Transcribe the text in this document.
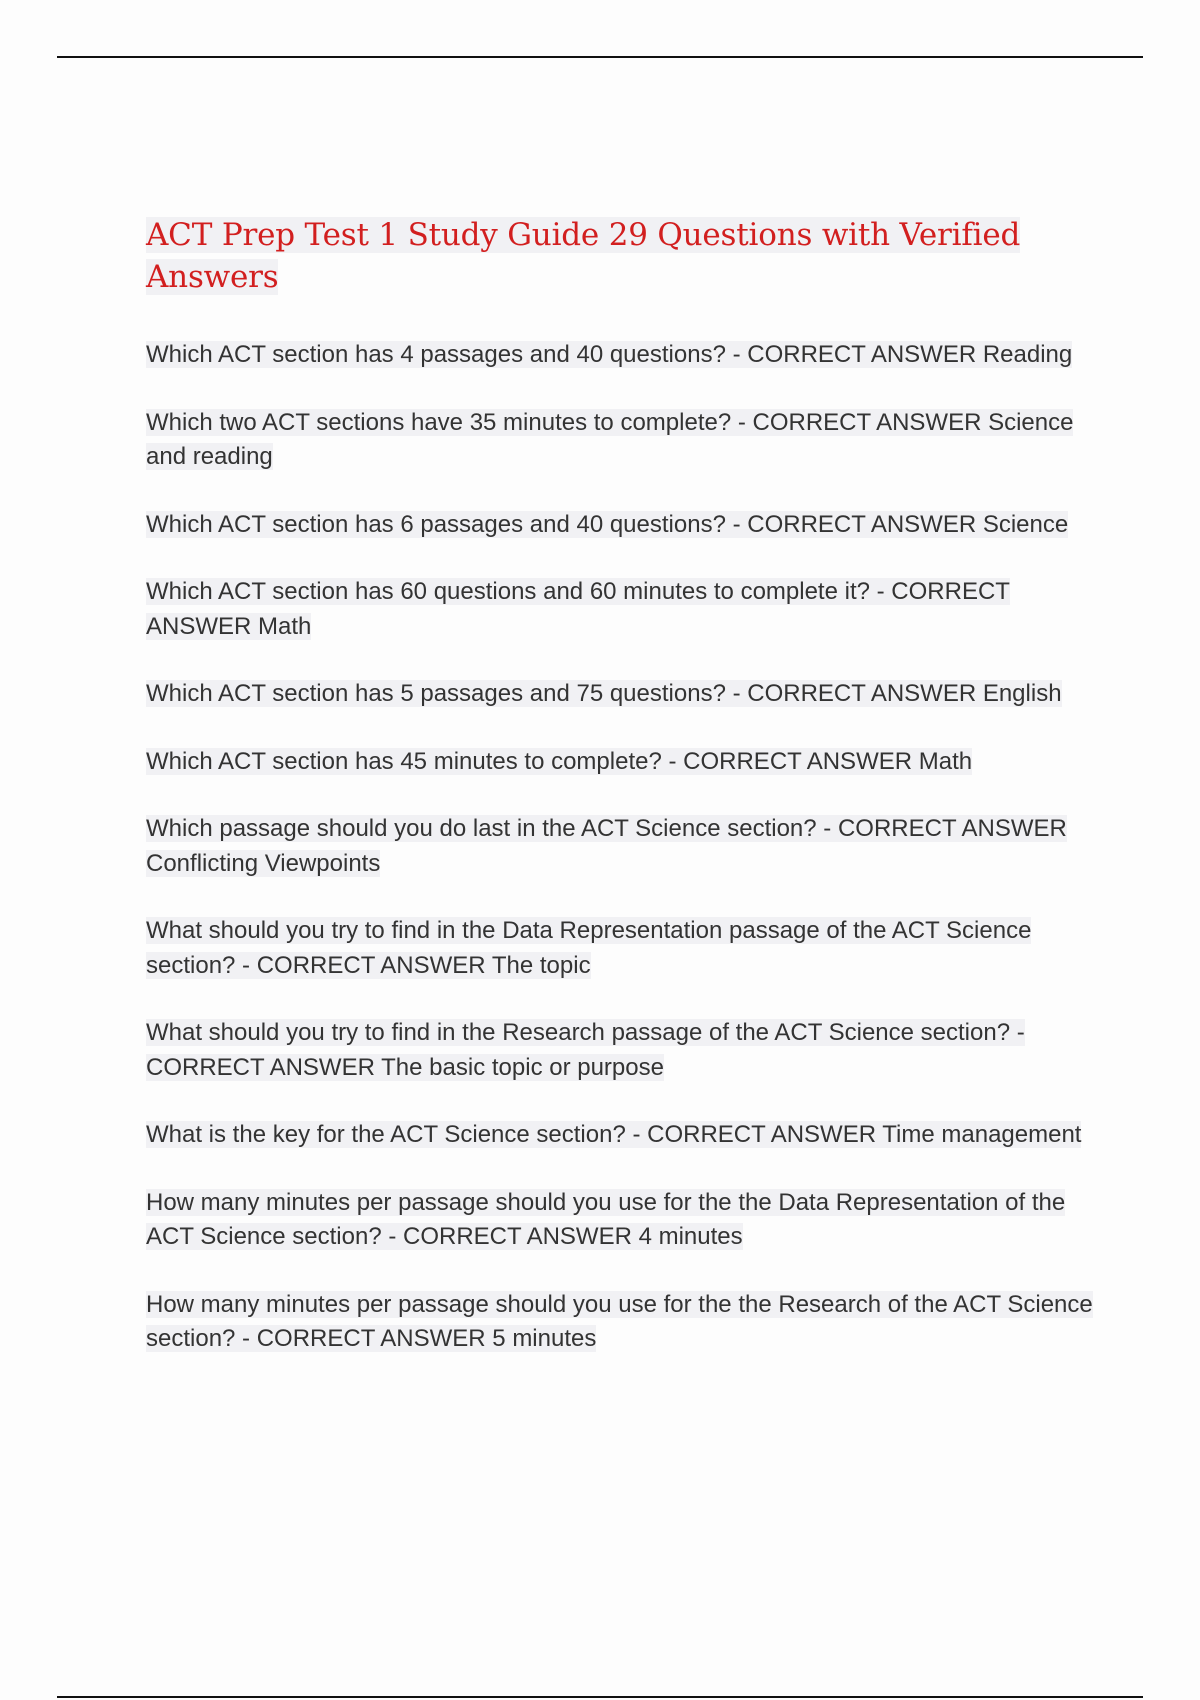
ACT Prep Test 1 Study Guide 29 Questions with Verified Answers
Which ACT section has 4 passages and 40 questions? - CORRECT ANSWER Reading
Which two ACT sections have 35 minutes to complete? - CORRECT ANSWER Science and reading
Which ACT section has 6 passages and 40 questions? - CORRECT ANSWER Science
Which ACT section has 60 questions and 60 minutes to complete it? - CORRECT ANSWER Math
Which ACT section has 5 passages and 75 questions? - CORRECT ANSWER English
Which ACT section has 45 minutes to complete? - CORRECT ANSWER Math
Which passage should you do last in the ACT Science section? - CORRECT ANSWER Conflicting Viewpoints
What should you try to find in the Data Representation passage of the ACT Science section? - CORRECT ANSWER The topic
What should you try to find in the Research passage of the ACT Science section? - CORRECT ANSWER The basic topic or purpose
What is the key for the ACT Science section? - CORRECT ANSWER Time management
How many minutes per passage should you use for the the Data Representation of the ACT Science section? - CORRECT ANSWER 4 minutes
How many minutes per passage should you use for the the Research of the ACT Science section? - CORRECT ANSWER 5 minutes
